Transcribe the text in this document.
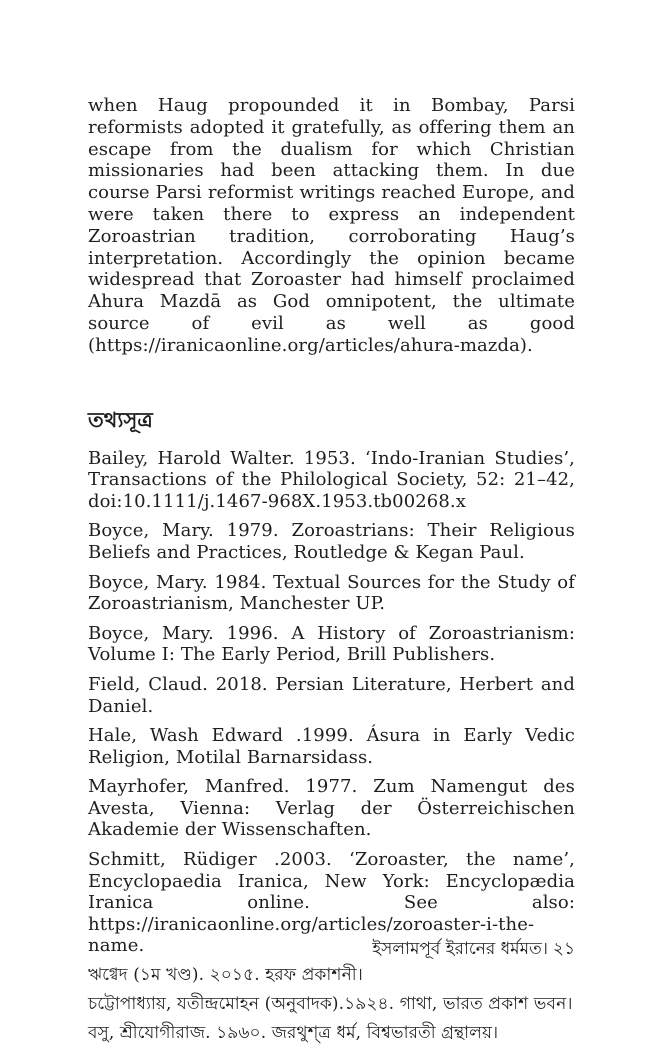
when Haug propounded it in Bombay, Parsi reformists adopted it gratefully, as offering them an escape from the dualism for which Christian missionaries had been attacking them. In due course Parsi reformist writings reached Europe, and were taken there to express an independent Zoroastrian tradition, corroborating Haug’s interpretation. Accordingly the opinion became widespread that Zoroaster had himself proclaimed Ahura Mazdā as God omnipotent, the ultimate source of evil as well as good (https://iranicaonline.org/articles/ahura-mazda).

তথ্যসূত্র

Bailey, Harold Walter. 1953. ‘Indo-Iranian Studies’, Transactions of the Philological Society, 52: 21–42, doi:10.1111/j.1467-968X.1953.tb00268.x

Boyce, Mary. 1979. Zoroastrians: Their Religious Beliefs and Practices, Routledge & Kegan Paul.

Boyce, Mary. 1984. Textual Sources for the Study of Zoroastrianism, Manchester UP.

Boyce, Mary. 1996. A History of Zoroastrianism: Volume I: The Early Period, Brill Publishers.

Field, Claud. 2018. Persian Literature, Herbert and Daniel.

Hale, Wash Edward .1999. Ásura in Early Vedic Religion, Motilal Barnarsidass.

Mayrhofer, Manfred. 1977. Zum Namengut des Avesta, Vienna: Verlag der Österreichischen Akademie der Wissenschaften.

Schmitt, Rüdiger .2003. ‘Zoroaster, the name’, Encyclopaedia Iranica, New York: Encyclopædia Iranica online. See also: https://iranicaonline.org/articles/zoroaster-i-the-name.

ঋগ্বেদ (১ম খণ্ড). ২০১৫. হরফ প্রকাশনী।

চট্টোপাধ্যায়, যতীন্দ্রমোহন (অনুবাদক).১৯২৪. গাথা, ভারত প্রকাশ ভবন।

বসু, শ্রীযোগীরাজ. ১৯৬০. জরথুশ্ত্র ধর্ম, বিশ্বভারতী গ্রন্থালয়।

ইসলামপূর্ব ইরানের ধর্মমত। ২১
